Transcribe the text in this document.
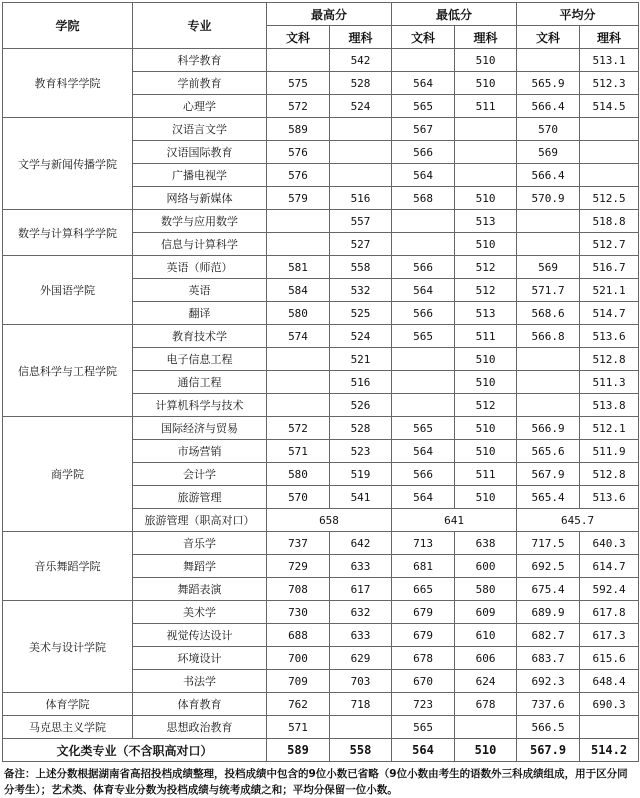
学院	专业	最高分		最低分		平均分	
		文科	理科	文科	理科	文科	理科
教育科学学院	科学教育		542		510		513.1
	学前教育	575	528	564	510	565.9	512.3
	心理学	572	524	565	511	566.4	514.5
文学与新闻传播学院	汉语言文学	589		567		570	
	汉语国际教育	576		566		569	
	广播电视学	576		564		566.4	
	网络与新媒体	579	516	568	510	570.9	512.5
数学与计算科学学院	数学与应用数学		557		513		518.8
	信息与计算科学		527		510		512.7
外国语学院	英语（师范）	581	558	566	512	569	516.7
	英语	584	532	564	512	571.7	521.1
	翻译	580	525	566	513	568.6	514.7
信息科学与工程学院	教育技术学	574	524	565	511	566.8	513.6
	电子信息工程		521		510		512.8
	通信工程		516		510		511.3
	计算机科学与技术		526		512		513.8
商学院	国际经济与贸易	572	528	565	510	566.9	512.1
	市场营销	571	523	564	510	565.6	511.9
	会计学	580	519	566	511	567.9	512.8
	旅游管理	570	541	564	510	565.4	513.6
	旅游管理（职高对口）	658		641		645.7	
音乐舞蹈学院	音乐学	737	642	713	638	717.5	640.3
	舞蹈学	729	633	681	600	692.5	614.7
	舞蹈表演	708	617	665	580	675.4	592.4
美术与设计学院	美术学	730	632	679	609	689.9	617.8
	视觉传达设计	688	633	679	610	682.7	617.3
	环境设计	700	629	678	606	683.7	615.6
	书法学	709	703	670	624	692.3	648.4
体育学院	体育教育	762	718	723	678	737.6	690.3
马克思主义学院	思想政治教育	571		565		566.5	
文化类专业（不含职高对口）		589	558	564	510	567.9	514.2
备注：上述分数根据湖南省高招投档成绩整理，投档成绩中包含的9位小数已省略（9位小数由考生的语数外三科成绩组成，用于区分同分考生）；艺术类、体育专业分数为投档成绩与统考成绩之和；平均分保留一位小数。
